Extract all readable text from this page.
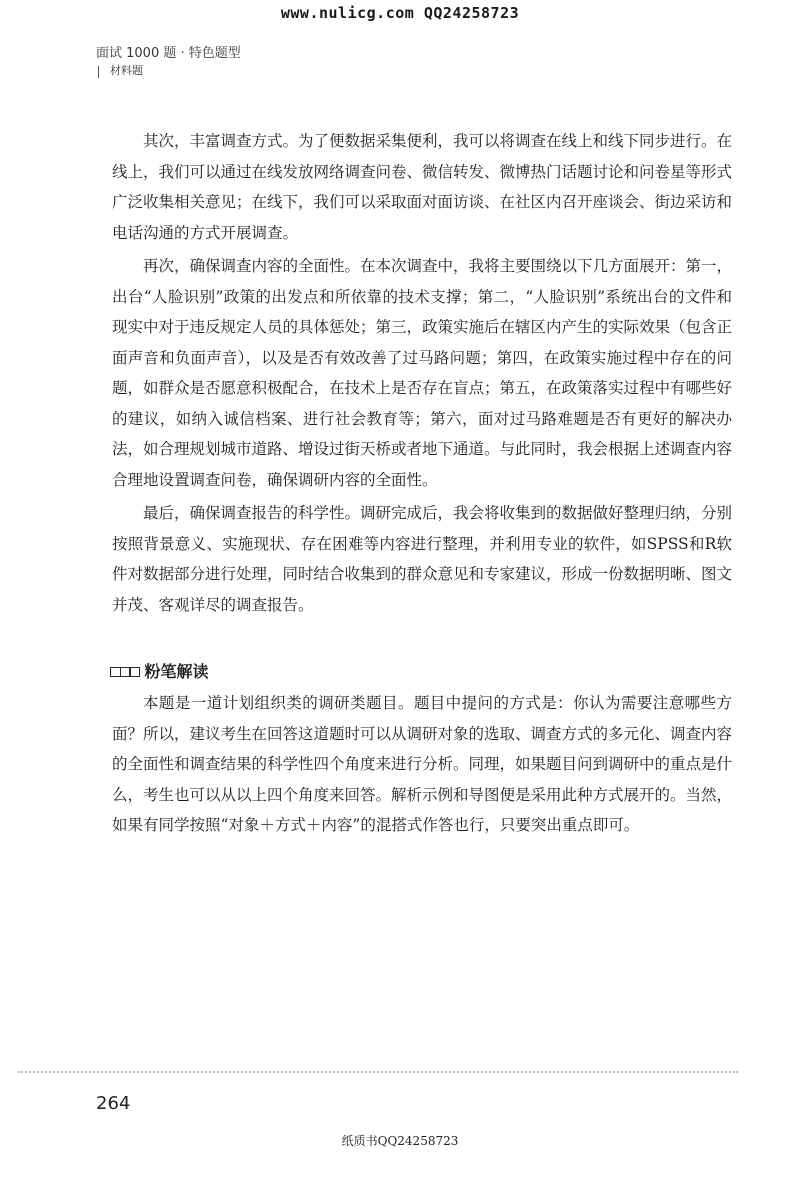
www.nulicg.com QQ24258723
面试 1000 题 · 特色题型
材料题

其次，丰富调查方式。为了便数据采集便利，我可以将调查在线上和线下同步进行。在线上，我们可以通过在线发放网络调查问卷、微信转发、微博热门话题讨论和问卷星等形式广泛收集相关意见；在线下，我们可以采取面对面访谈、在社区内召开座谈会、街边采访和电话沟通的方式开展调查。

再次，确保调查内容的全面性。在本次调查中，我将主要围绕以下几方面展开：第一，出台“人脸识别”政策的出发点和所依靠的技术支撑；第二，“人脸识别”系统出台的文件和现实中对于违反规定人员的具体惩处；第三，政策实施后在辖区内产生的实际效果（包含正面声音和负面声音），以及是否有效改善了过马路问题；第四，在政策实施过程中存在的问题，如群众是否愿意积极配合，在技术上是否存在盲点；第五，在政策落实过程中有哪些好的建议，如纳入诚信档案、进行社会教育等；第六，面对过马路难题是否有更好的解决办法，如合理规划城市道路、增设过街天桥或者地下通道。与此同时，我会根据上述调查内容合理地设置调查问卷，确保调研内容的全面性。

最后，确保调查报告的科学性。调研完成后，我会将收集到的数据做好整理归纳，分别按照背景意义、实施现状、存在困难等内容进行整理，并利用专业的软件，如SPSS和R软件对数据部分进行处理，同时结合收集到的群众意见和专家建议，形成一份数据明晰、图文并茂、客观详尽的调查报告。

粉笔解读

本题是一道计划组织类的调研类题目。题目中提问的方式是：你认为需要注意哪些方面？所以，建议考生在回答这道题时可以从调研对象的选取、调查方式的多元化、调查内容的全面性和调查结果的科学性四个角度来进行分析。同理，如果题目问到调研中的重点是什么，考生也可以从以上四个角度来回答。解析示例和导图便是采用此种方式展开的。当然，如果有同学按照“对象＋方式＋内容”的混搭式作答也行，只要突出重点即可。

264
纸质书QQ24258723
